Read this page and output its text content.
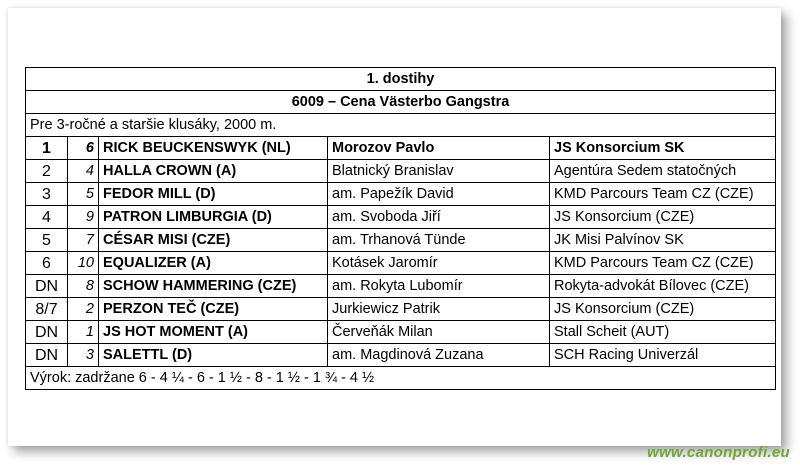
1. dostihy				
6009 – Cena Västerbo Gangstra				
Pre 3-ročné a staršie klusáky, 2000 m.				
1	6	RICK BEUCKENSWYK (NL)	Morozov Pavlo	JS Konsorcium SK
2	4	HALLA CROWN (A)	Blatnický Branislav	Agentúra Sedem statočných
3	5	FEDOR MILL (D)	am. Papežík David	KMD Parcours Team CZ (CZE)
4	9	PATRON LIMBURGIA (D)	am. Svoboda Jiří	JS Konsorcium (CZE)
5	7	CÉSAR MISI (CZE)	am. Trhanová Tünde	JK Misi Palvínov SK
6	10	EQUALIZER (A)	Kotásek Jaromír	KMD Parcours Team CZ (CZE)
DN	8	SCHOW HAMMERING (CZE)	am. Rokyta Lubomír	Rokyta-advokát Bílovec (CZE)
8/7	2	PERZON TEČ (CZE)	Jurkiewicz Patrik	JS Konsorcium (CZE)
DN	1	JS HOT MOMENT (A)	Červeňák Milan	Stall Scheit (AUT)
DN	3	SALETTL (D)	am. Magdinová Zuzana	SCH Racing Univerzál
Výrok: zadržane 6 - 4 ¼ - 6 - 1 ½ - 8 - 1 ½ - 1 ¾ - 4 ½				
www.canonprofi.eu
